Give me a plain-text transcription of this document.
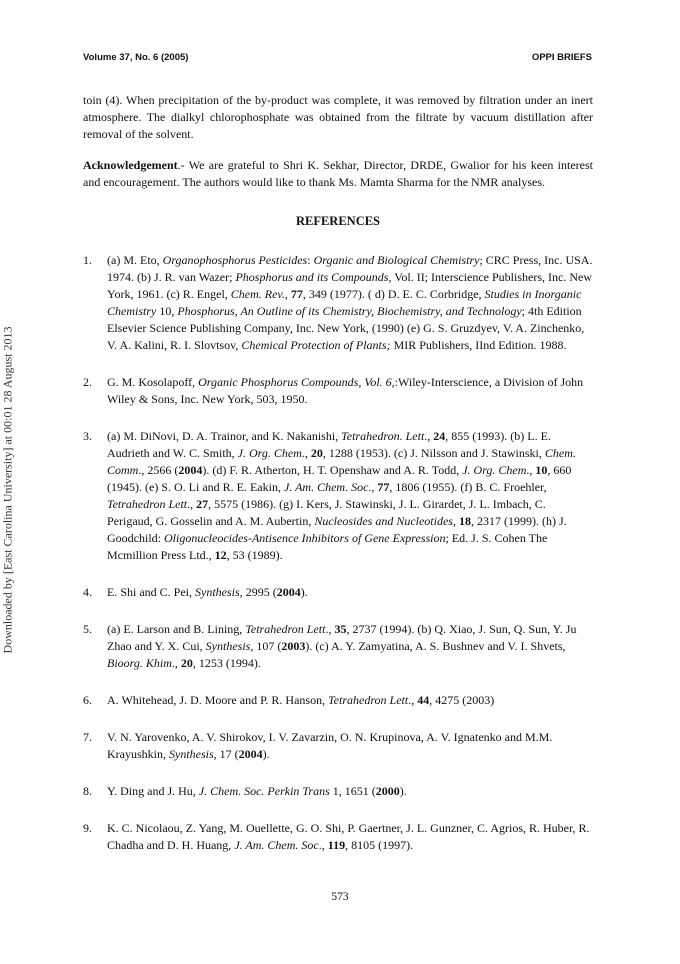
Downloaded by [East Carolina University] at 00:01 28 August 2013
Volume 37, No. 6 (2005)	OPPI BRIEFS

toin (4). When precipitation of the by-product was complete, it was removed by filtration under an inert atmosphere. The dialkyl chlorophosphate was obtained from the filtrate by vacuum distillation after removal of the solvent.

Acknowledgement.- We are grateful to Shri K. Sekhar, Director, DRDE, Gwalior for his keen interest and encouragement. The authors would like to thank Ms. Mamta Sharma for the NMR analyses.

REFERENCES
1.	(a) M. Eto, Organophosphorus Pesticides: Organic and Biological Chemistry; CRC Press, Inc. USA. 1974. (b) J. R. van Wazer; Phosphorus and its Compounds, Vol. II; Interscience Publishers, Inc. New York, 1961. (c) R. Engel, Chem. Rev., 77, 349 (1977). ( d) D. E. C. Corbridge, Studies in Inorganic Chemistry 10, Phosphorus, An Outline of its Chemistry, Biochemistry, and Technology; 4th Edition Elsevier Science Publishing Company, Inc. New York, (1990) (e) G. S. Gruzdyev, V. A. Zinchenko, V. A. Kalini, R. I. Slovtsov, Chemical Protection of Plants; MIR Publishers, IInd Edition. 1988.
2.	G. M. Kosolapoff, Organic Phosphorus Compounds, Vol. 6,:Wiley-Interscience, a Division of John Wiley & Sons, Inc. New York, 503, 1950.
3.	(a) M. DiNovi, D. A. Trainor, and K. Nakanishi, Tetrahedron. Lett., 24, 855 (1993). (b) L. E. Audrieth and W. C. Smith, J. Org. Chem., 20, 1288 (1953). (c) J. Nilsson and J. Stawinski, Chem. Comm., 2566 (2004). (d) F. R. Atherton, H. T. Openshaw and A. R. Todd, J. Org. Chem., 10, 660 (1945). (e) S. O. Li and R. E. Eakin, J. Am. Chem. Soc., 77, 1806 (1955). (f) B. C. Froehler, Tetrahedron Lett., 27, 5575 (1986). (g) I. Kers, J. Stawinski, J. L. Girardet, J. L. Imbach, C. Perigaud, G. Gosselin and A. M. Aubertin, Nucleosides and Nucleotides, 18, 2317 (1999). (h) J. Goodchild: Oligonucleocides-Antisence Inhibitors of Gene Expression; Ed. J. S. Cohen The Mcmillion Press Ltd., 12, 53 (1989).
4.	E. Shi and C. Pei, Synthesis, 2995 (2004).
5.	(a) E. Larson and B. Lining, Tetrahedron Lett., 35, 2737 (1994). (b) Q. Xiao, J. Sun, Q. Sun, Y. Ju Zhao and Y. X. Cui, Synthesis, 107 (2003). (c) A. Y. Zamyatina, A. S. Bushnev and V. I. Shvets, Bioorg. Khim., 20, 1253 (1994).
6.	A. Whitehead, J. D. Moore and P. R. Hanson, Tetrahedron Lett., 44, 4275 (2003)
7.	V. N. Yarovenko, A. V. Shirokov, I. V. Zavarzin, O. N. Krupinova, A. V. Ignatenko and M.M. Krayushkin, Synthesis, 17 (2004).
8.	Y. Ding and J. Hu, J. Chem. Soc. Perkin Trans 1, 1651 (2000).
9.	K. C. Nicolaou, Z. Yang, M. Ouellette, G. O. Shi, P. Gaertner, J. L. Gunzner, C. Agrios, R. Huber, R. Chadha and D. H. Huang, J. Am. Chem. Soc., 119, 8105 (1997).
573
